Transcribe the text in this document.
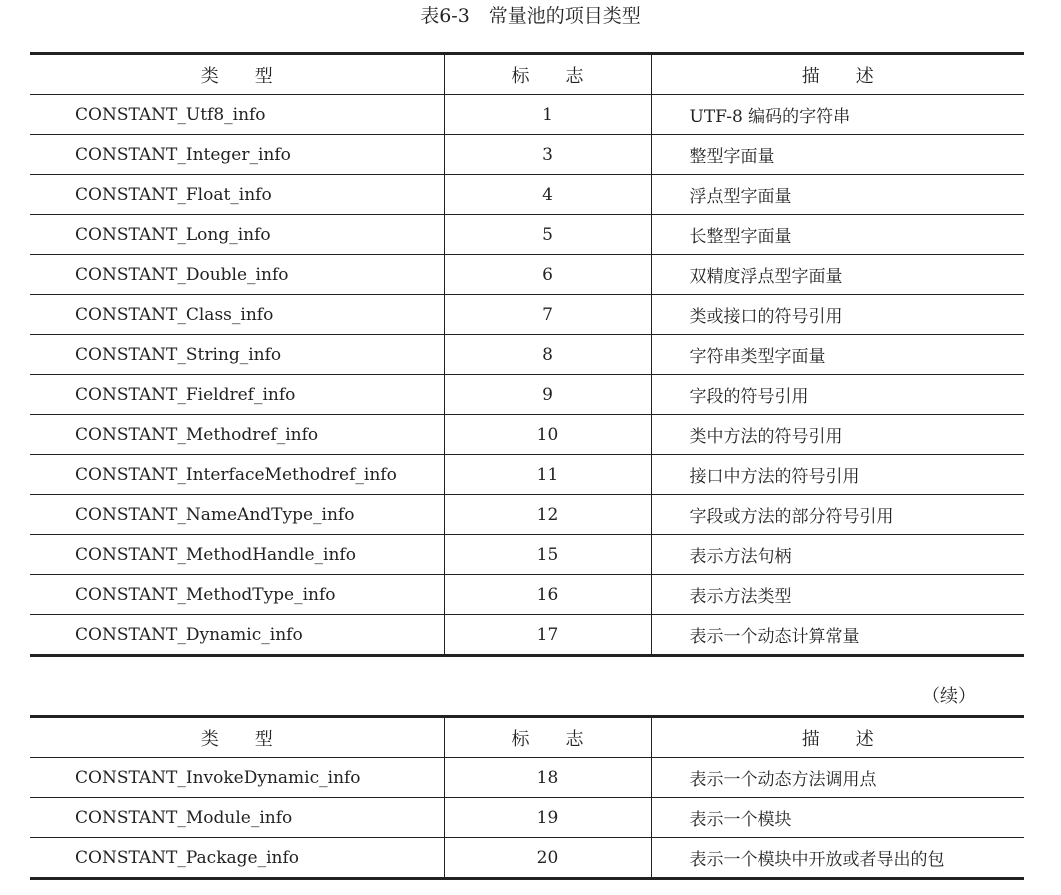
表6-3　常量池的项目类型
类　　型	标　　志	描　　述
CONSTANT_Utf8_info	1	UTF-8 编码的字符串
CONSTANT_Integer_info	3	整型字面量
CONSTANT_Float_info	4	浮点型字面量
CONSTANT_Long_info	5	长整型字面量
CONSTANT_Double_info	6	双精度浮点型字面量
CONSTANT_Class_info	7	类或接口的符号引用
CONSTANT_String_info	8	字符串类型字面量
CONSTANT_Fieldref_info	9	字段的符号引用
CONSTANT_Methodref_info	10	类中方法的符号引用
CONSTANT_InterfaceMethodref_info	11	接口中方法的符号引用
CONSTANT_NameAndType_info	12	字段或方法的部分符号引用
CONSTANT_MethodHandle_info	15	表示方法句柄
CONSTANT_MethodType_info	16	表示方法类型
CONSTANT_Dynamic_info	17	表示一个动态计算常量
（续）
类　　型	标　　志	描　　述
CONSTANT_InvokeDynamic_info	18	表示一个动态方法调用点
CONSTANT_Module_info	19	表示一个模块
CONSTANT_Package_info	20	表示一个模块中开放或者导出的包
